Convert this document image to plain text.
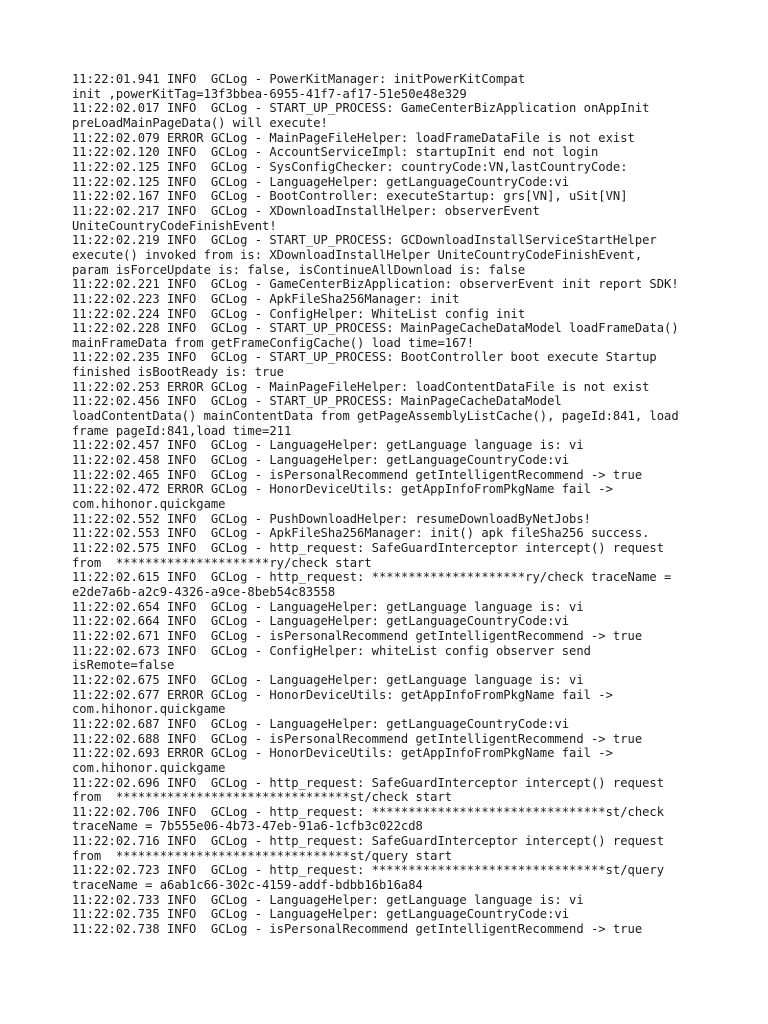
11:22:01.941 INFO  GCLog - PowerKitManager: initPowerKitCompat
init ,powerKitTag=13f3bbea-6955-41f7-af17-51e50e48e329
11:22:02.017 INFO  GCLog - START_UP_PROCESS: GameCenterBizApplication onAppInit
preLoadMainPageData() will execute!
11:22:02.079 ERROR GCLog - MainPageFileHelper: loadFrameDataFile is not exist
11:22:02.120 INFO  GCLog - AccountServiceImpl: startupInit end not login
11:22:02.125 INFO  GCLog - SysConfigChecker: countryCode:VN,lastCountryCode:
11:22:02.125 INFO  GCLog - LanguageHelper: getLanguageCountryCode:vi
11:22:02.167 INFO  GCLog - BootController: executeStartup: grs[VN], uSit[VN]
11:22:02.217 INFO  GCLog - XDownloadInstallHelper: observerEvent
UniteCountryCodeFinishEvent!
11:22:02.219 INFO  GCLog - START_UP_PROCESS: GCDownloadInstallServiceStartHelper
execute() invoked from is: XDownloadInstallHelper UniteCountryCodeFinishEvent,
param isForceUpdate is: false, isContinueAllDownload is: false
11:22:02.221 INFO  GCLog - GameCenterBizApplication: observerEvent init report SDK!
11:22:02.223 INFO  GCLog - ApkFileSha256Manager: init
11:22:02.224 INFO  GCLog - ConfigHelper: WhiteList config init
11:22:02.228 INFO  GCLog - START_UP_PROCESS: MainPageCacheDataModel loadFrameData()
mainFrameData from getFrameConfigCache() load time=167!
11:22:02.235 INFO  GCLog - START_UP_PROCESS: BootController boot execute Startup
finished isBootReady is: true
11:22:02.253 ERROR GCLog - MainPageFileHelper: loadContentDataFile is not exist
11:22:02.456 INFO  GCLog - START_UP_PROCESS: MainPageCacheDataModel
loadContentData() mainContentData from getPageAssemblyListCache(), pageId:841, load
frame pageId:841,load time=211
11:22:02.457 INFO  GCLog - LanguageHelper: getLanguage language is: vi
11:22:02.458 INFO  GCLog - LanguageHelper: getLanguageCountryCode:vi
11:22:02.465 INFO  GCLog - isPersonalRecommend getIntelligentRecommend -> true
11:22:02.472 ERROR GCLog - HonorDeviceUtils: getAppInfoFromPkgName fail ->
com.hihonor.quickgame
11:22:02.552 INFO  GCLog - PushDownloadHelper: resumeDownloadByNetJobs!
11:22:02.553 INFO  GCLog - ApkFileSha256Manager: init() apk fileSha256 success.
11:22:02.575 INFO  GCLog - http_request: SafeGuardInterceptor intercept() request
from  *********************ry/check start
11:22:02.615 INFO  GCLog - http_request: *********************ry/check traceName =
e2de7a6b-a2c9-4326-a9ce-8beb54c83558
11:22:02.654 INFO  GCLog - LanguageHelper: getLanguage language is: vi
11:22:02.664 INFO  GCLog - LanguageHelper: getLanguageCountryCode:vi
11:22:02.671 INFO  GCLog - isPersonalRecommend getIntelligentRecommend -> true
11:22:02.673 INFO  GCLog - ConfigHelper: whiteList config observer send
isRemote=false
11:22:02.675 INFO  GCLog - LanguageHelper: getLanguage language is: vi
11:22:02.677 ERROR GCLog - HonorDeviceUtils: getAppInfoFromPkgName fail ->
com.hihonor.quickgame
11:22:02.687 INFO  GCLog - LanguageHelper: getLanguageCountryCode:vi
11:22:02.688 INFO  GCLog - isPersonalRecommend getIntelligentRecommend -> true
11:22:02.693 ERROR GCLog - HonorDeviceUtils: getAppInfoFromPkgName fail ->
com.hihonor.quickgame
11:22:02.696 INFO  GCLog - http_request: SafeGuardInterceptor intercept() request
from  ********************************st/check start
11:22:02.706 INFO  GCLog - http_request: ********************************st/check
traceName = 7b555e06-4b73-47eb-91a6-1cfb3c022cd8
11:22:02.716 INFO  GCLog - http_request: SafeGuardInterceptor intercept() request
from  ********************************st/query start
11:22:02.723 INFO  GCLog - http_request: ********************************st/query
traceName = a6ab1c66-302c-4159-addf-bdbb16b16a84
11:22:02.733 INFO  GCLog - LanguageHelper: getLanguage language is: vi
11:22:02.735 INFO  GCLog - LanguageHelper: getLanguageCountryCode:vi
11:22:02.738 INFO  GCLog - isPersonalRecommend getIntelligentRecommend -> true
